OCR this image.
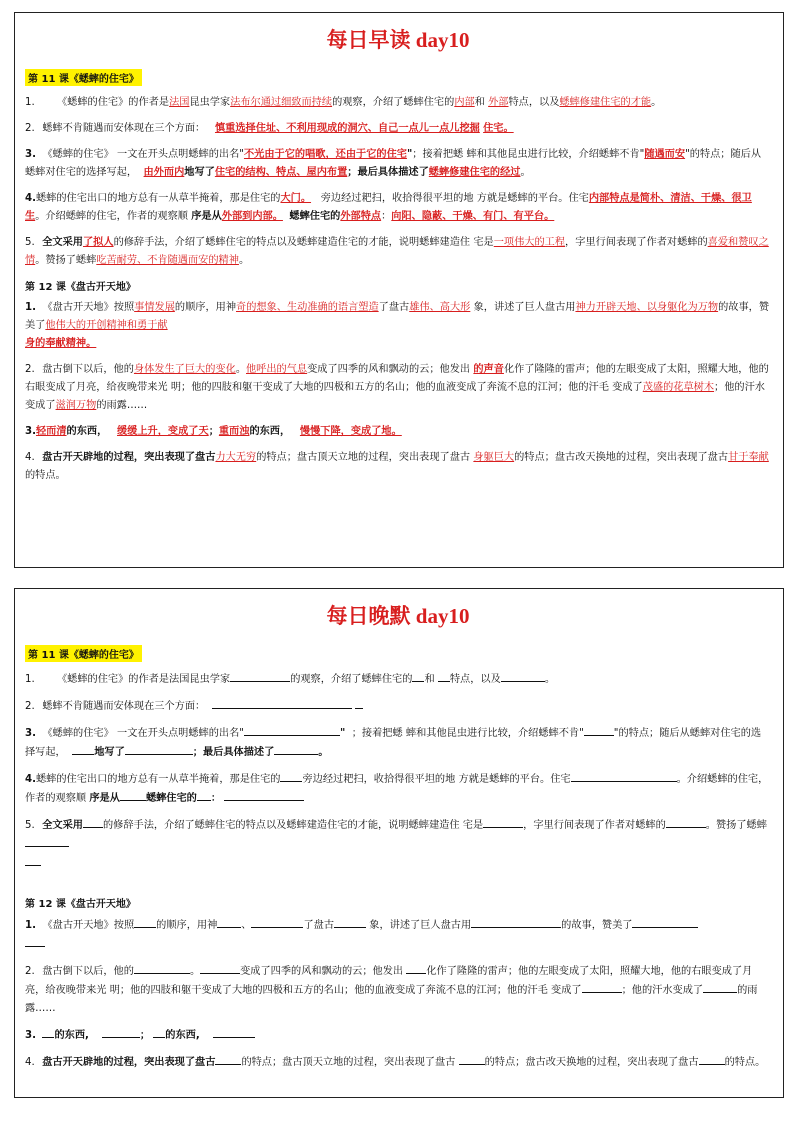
每日早读 day10
第 11 课《蟋蟀的住宅》

1. 《蟋蟀的住宅》的作者是法国昆虫学家法布尔通过细致而持续的观察，介绍了蟋蟀住宅的内部和 外部特点，以及蟋蟀修建住宅的才能。

2. 蟋蟀不肯随遇而安体现在三个方面： 慎重选择住址、不利用现成的洞穴、自己一点儿一点儿挖掘 住宅。

3. 《蟋蟀的住宅》 一文在开头点明蟋蟀的出名"不光由于它的唱歌，还由于它的住宅"；接着把蟋 蟀和其他昆虫进行比较，介绍蟋蟀不肯"随遇而安"的特点；随后从蟋蟀对住宅的选择写起， 由外而内地写了住宅的结构、特点、屋内布置；最后具体描述了蟋蟀修建住宅的经过。

4.蟋蟀的住宅出口的地方总有一从草半掩着，那是住宅的大门。 旁边经过耙扫，收拾得很平坦的地 方就是蟋蟀的平台。住宅内部特点是简朴、清洁、干燥、很卫生。介绍蟋蟀的住宅，作者的观察顺 序是从外部到内部。 蟋蟀住宅的外部特点：向阳、隐蔽、干燥、有门、有平台。

5. 全文采用了拟人的修辞手法，介绍了蟋蟀住宅的特点以及蟋蟀建造住宅的才能，说明蟋蟀建造住 宅是一项伟大的工程，字里行间表现了作者对蟋蟀的喜爱和赞叹之情。赞扬了蟋蟀吃苦耐劳、不肯随遇而安的精神。

第 12 课《盘古开天地》

1. 《盘古开天地》按照事情发展的顺序，用神奇的想象、生动准确的语言塑造了盘古雄伟、高大形 象，讲述了巨人盘古用神力开辟天地、以身躯化为万物的故事，赞美了他伟大的开创精神和勇于献
身的奉献精神。

2. 盘古倒下以后，他的身体发生了巨大的变化。他呼出的气息变成了四季的风和飘动的云；他发出 的声音化作了隆隆的雷声；他的左眼变成了太阳，照耀大地，他的右眼变成了月亮，给夜晚带来光 明；他的四肢和躯干变成了大地的四极和五方的名山；他的血液变成了奔流不息的江河；他的汗毛 变成了茂盛的花草树木；他的汗水变成了滋润万物的雨露……

3.轻而清的东西， 缓缓上升，变成了天；重而浊的东西， 慢慢下降，变成了地。

4. 盘古开天辟地的过程，突出表现了盘古力大无穷的特点；盘古顶天立地的过程，突出表现了盘古 身躯巨大的特点；盘古改天换地的过程，突出表现了盘古甘于奉献的特点。

每日晚默 day10
第 11 课《蟋蟀的住宅》

1. 《蟋蟀的住宅》的作者是法国昆虫学家	的观察，介绍了蟋蟀住宅的 和 特点，以及	。

2. 蟋蟀不肯随遇而安体现在三个方面：

3. 《蟋蟀的住宅》 一文在开头点明蟋蟀的出名"	" ；接着把蟋 蟀和其他昆虫进行比较，介绍蟋蟀不肯"	"的特点；随后从蟋蟀对住宅的选择写起，	地写了	；最后具体描述了	。

4.蟋蟀的住宅出口的地方总有一从草半掩着，那是住宅的 旁边经过耙扫，收拾得很平坦的地 方就是蟋蟀的平台。住宅	。介绍蟋蟀的住宅，作者的观察顺 序是从	蟋蟀住宅的 ：

5. 全文采用 的修辞手法，介绍了蟋蟀住宅的特点以及蟋蟀建造住宅的才能，说明蟋蟀建造住 宅是	，字里行间表现了作者对蟋蟀的	。赞扬了蟋蟀

第 12 课《盘古开天地》

1. 《盘古开天地》按照 的顺序，用神 、	了盘古	象，讲述了巨人盘古用	的故事，赞美了

2. 盘古倒下以后，他的	。	变成了四季的风和飘动的云；他发出 化作了隆隆的雷声；他的左眼变成了太阳，照耀大地，他的右眼变成了月亮，给夜晚带来光 明；他的四肢和躯干变成了大地的四极和五方的名山；他的血液变成了奔流不息的江河；他的汗毛 变成了	；他的汗水变成了	的雨露……

3. 的东西,	； 的东西,

4. 盘古开天辟地的过程，突出表现了盘古	的特点；盘古顶天立地的过程，突出表现了盘古	的特点；盘古改天换地的过程，突出表现了盘古	的特点。
